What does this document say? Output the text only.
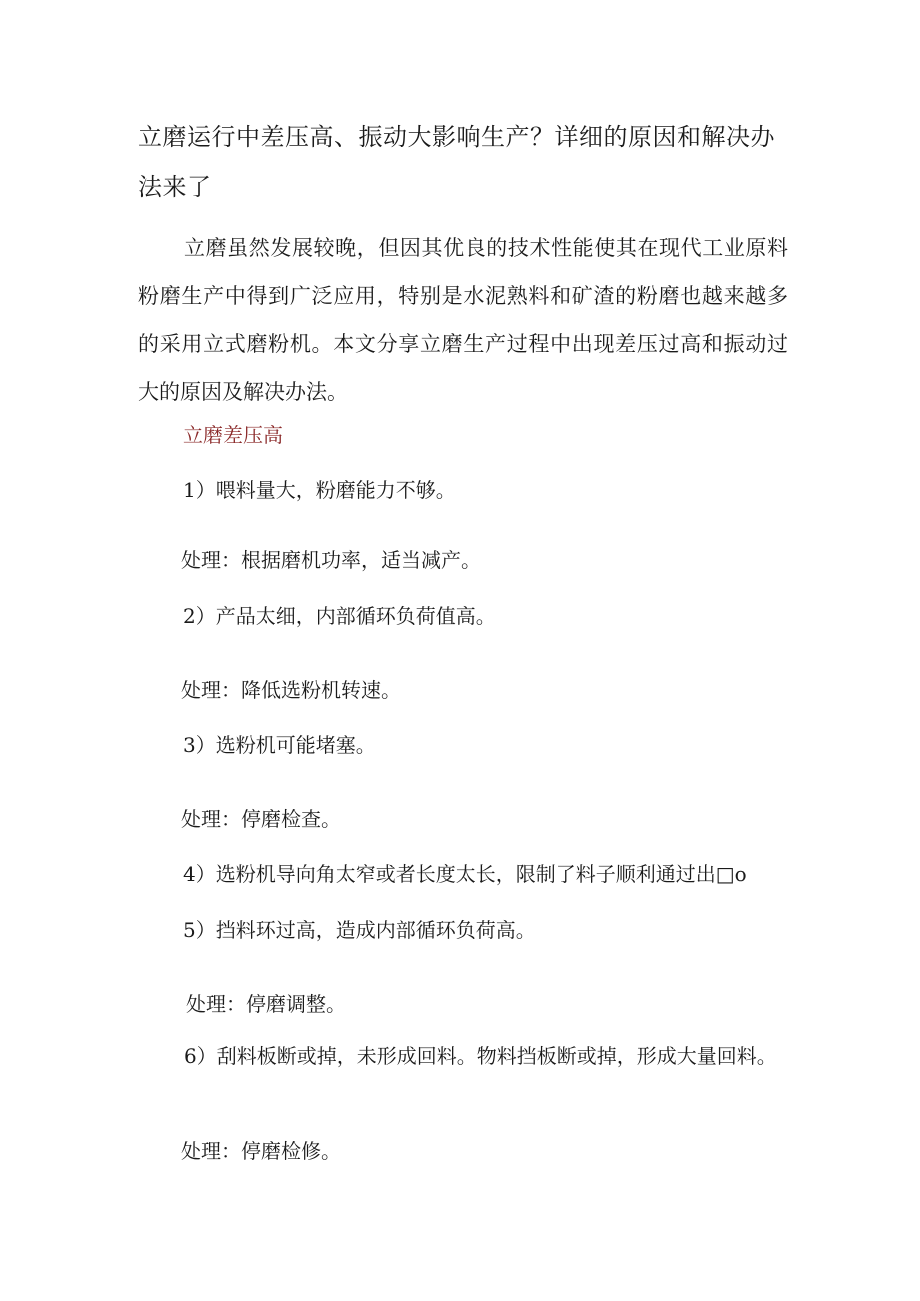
立磨运行中差压高、振动大影响生产？详细的原因和解决办法来了

立磨虽然发展较晚，但因其优良的技术性能使其在现代工业原料粉磨生产中得到广泛应用，特别是水泥熟料和矿渣的粉磨也越来越多的采用立式磨粉机。本文分享立磨生产过程中出现差压过高和振动过大的原因及解决办法。

立磨差压高

1）喂料量大，粉磨能力不够。

处理：根据磨机功率，适当减产。

2）产品太细，内部循环负荷值高。

处理：降低选粉机转速。

3）选粉机可能堵塞。

处理：停磨检查。

4）选粉机导向角太窄或者长度太长，限制了料子顺利通过出□o

5）挡料环过高，造成内部循环负荷高。

处理：停磨调整。

6）刮料板断或掉，未形成回料。物料挡板断或掉，形成大量回料。

处理：停磨检修。
